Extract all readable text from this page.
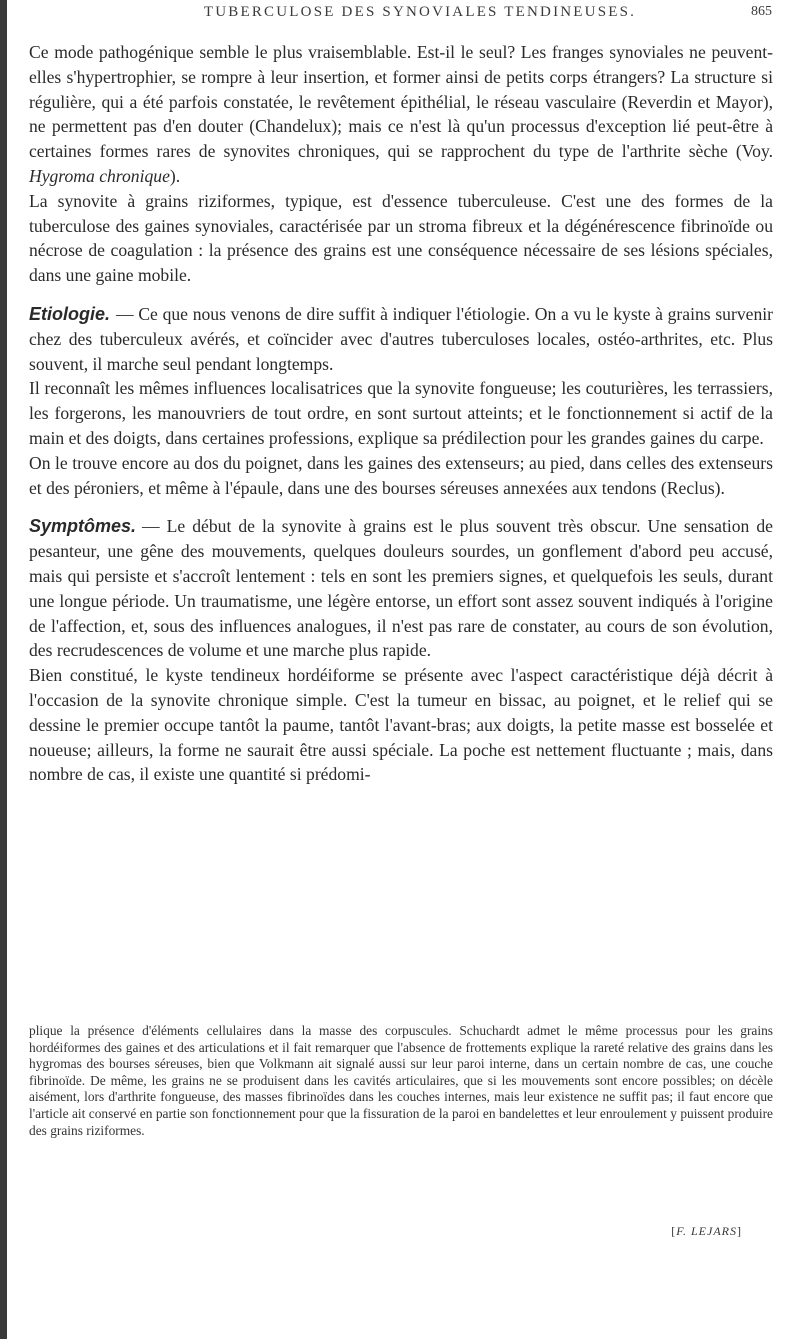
TUBERCULOSE DES SYNOVIALES TENDINEUSES.	865

Ce mode pathogénique semble le plus vraisemblable. Est-il le seul? Les franges synoviales ne peuvent-elles s'hypertrophier, se rompre à leur insertion, et former ainsi de petits corps étrangers? La structure si régulière, qui a été parfois constatée, le revêtement épithélial, le réseau vasculaire (Reverdin et Mayor), ne permettent pas d'en douter (Chandelux); mais ce n'est là qu'un processus d'exception lié peut-être à certaines formes rares de synovites chroniques, qui se rapprochent du type de l'arthrite sèche (Voy. Hygroma chronique).

La synovite à grains riziformes, typique, est d'essence tuberculeuse. C'est une des formes de la tuberculose des gaines synoviales, caractérisée par un stroma fibreux et la dégénérescence fibrinoïde ou nécrose de coagulation : la présence des grains est une conséquence nécessaire de ses lésions spéciales, dans une gaine mobile.

Etiologie. — Ce que nous venons de dire suffit à indiquer l'étiologie. On a vu le kyste à grains survenir chez des tuberculeux avérés, et coïncider avec d'autres tuberculoses locales, ostéo-arthrites, etc. Plus souvent, il marche seul pendant longtemps.

Il reconnaît les mêmes influences localisatrices que la synovite fongueuse; les couturières, les terrassiers, les forgerons, les manouvriers de tout ordre, en sont surtout atteints; et le fonctionnement si actif de la main et des doigts, dans certaines professions, explique sa prédilection pour les grandes gaines du carpe.

On le trouve encore au dos du poignet, dans les gaines des extenseurs; au pied, dans celles des extenseurs et des péroniers, et même à l'épaule, dans une des bourses séreuses annexées aux tendons (Reclus).

Symptômes. — Le début de la synovite à grains est le plus souvent très obscur. Une sensation de pesanteur, une gêne des mouvements, quelques douleurs sourdes, un gonflement d'abord peu accusé, mais qui persiste et s'accroît lentement : tels en sont les premiers signes, et quelquefois les seuls, durant une longue période. Un traumatisme, une légère entorse, un effort sont assez souvent indiqués à l'origine de l'affection, et, sous des influences analogues, il n'est pas rare de constater, au cours de son évolution, des recrudescences de volume et une marche plus rapide.

Bien constitué, le kyste tendineux hordéiforme se présente avec l'aspect caractéristique déjà décrit à l'occasion de la synovite chronique simple. C'est la tumeur en bissac, au poignet, et le relief qui se dessine le premier occupe tantôt la paume, tantôt l'avant-bras; aux doigts, la petite masse est bosselée et noueuse; ailleurs, la forme ne saurait être aussi spéciale. La poche est nettement fluctuante ; mais, dans nombre de cas, il existe une quantité si prédomi-

plique la présence d'éléments cellulaires dans la masse des corpuscules. Schuchardt admet le même processus pour les grains hordéiformes des gaines et des articulations et il fait remarquer que l'absence de frottements explique la rareté relative des grains dans les hygromas des bourses séreuses, bien que Volkmann ait signalé aussi sur leur paroi interne, dans un certain nombre de cas, une couche fibrinoïde. De même, les grains ne se produisent dans les cavités articulaires, que si les mouvements sont encore possibles; on décèle aisément, lors d'arthrite fongueuse, des masses fibrinoïdes dans les couches internes, mais leur existence ne suffit pas; il faut encore que l'article ait conservé en partie son fonctionnement pour que la fissuration de la paroi en bandelettes et leur enroulement y puissent produire des grains riziformes.
[F. LEJARS]
